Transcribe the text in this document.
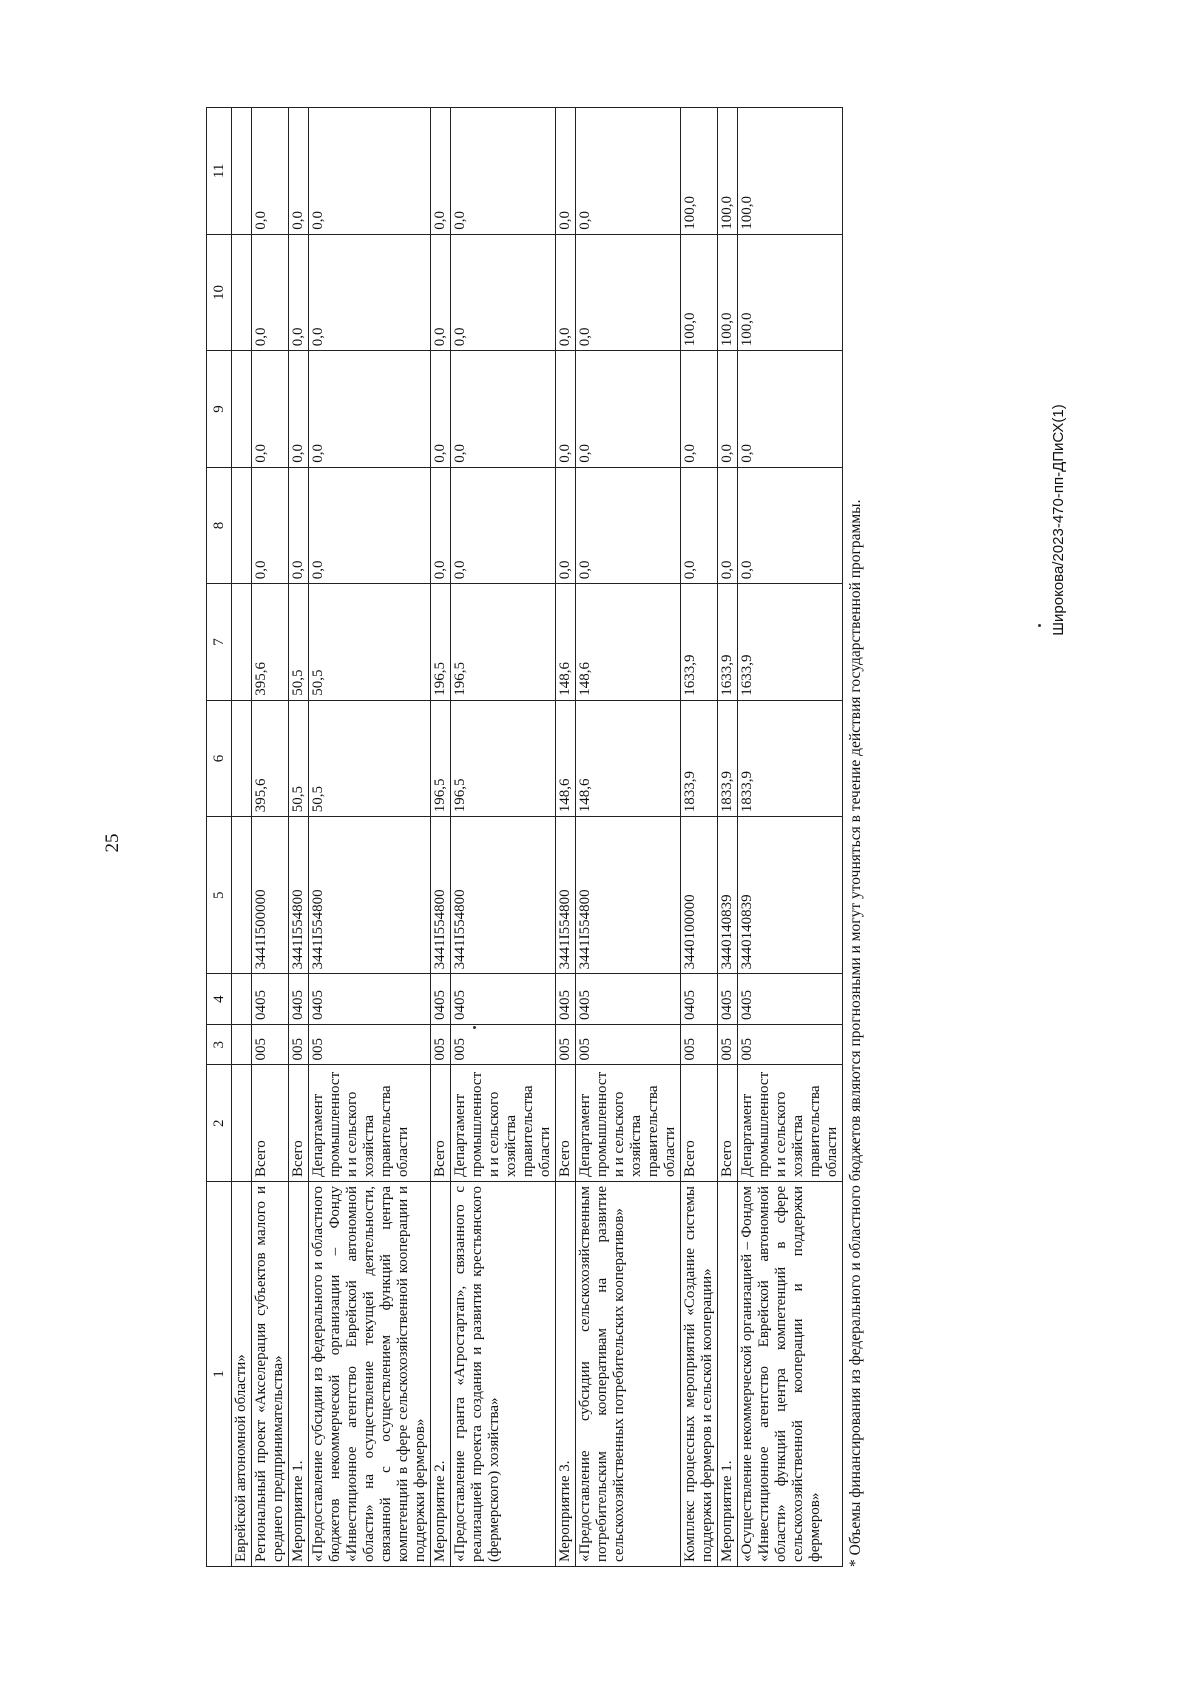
25
Широкова/2023-470-пп-ДПиСХ(1)
1	2	3	4	5	6	7	8	9	10	11
Еврейской автономной области»										
Региональный проект «Акселерация субъектов малого и среднего предпринимательства»	Всего	005	0405	3441I500000	395,6	395,6	0,0	0,0	0,0	0,0
Мероприятие 1.	Всего	005	0405	3441I554800	50,5	50,5	0,0	0,0	0,0	0,0
«Предоставление субсидии из федерального и областного бюджетов некоммерческой организации – Фонду «Инвестиционное агентство Еврейской автономной области» на осуществление текущей деятельности, связанной с осуществлением функций центра компетенций в сфере сельскохозяйственной кооперации и поддержки фермеров»	Департамент промышленности и сельского хозяйства правительства области	005	0405	3441I554800	50,5	50,5	0,0	0,0	0,0	0,0
Мероприятие 2.	Всего	005	0405	3441I554800	196,5	196,5	0,0	0,0	0,0	0,0
«Предоставление гранта «Агростартап», связанного с реализацией проекта создания и развития крестьянского (фермерского) хозяйства»	Департамент промышленности и сельского хозяйства правительства области	005	0405	3441I554800	196,5	196,5	0,0	0,0	0,0	0,0
Мероприятие 3.	Всего	005	0405	3441I554800	148,6	148,6	0,0	0,0	0,0	0,0
«Предоставление субсидии сельскохозяйственным потребительским кооперативам на развитие сельскохозяйственных потребительских кооперативов»	Департамент промышленности и сельского хозяйства правительства области	005	0405	3441I554800	148,6	148,6	0,0	0,0	0,0	0,0
Комплекс процессных мероприятий «Создание системы поддержки фермеров и сельской кооперации»	Всего	005	0405	3440100000	1833,9	1633,9	0,0	0,0	100,0	100,0
Мероприятие 1.	Всего	005	0405	3440140839	1833,9	1633,9	0,0	0,0	100,0	100,0
«Осуществление некоммерческой организацией – Фондом «Инвестиционное агентство Еврейской автономной области» функций центра компетенций в сфере сельскохозяйственной кооперации и поддержки фермеров»	Департамент промышленности и сельского хозяйства правительства области	005	0405	3440140839	1833,9	1633,9	0,0	0,0	100,0	100,0
* Объемы финансирования из федерального и областного бюджетов являются прогнозными и могут уточняться в течение действия государственной программы.
